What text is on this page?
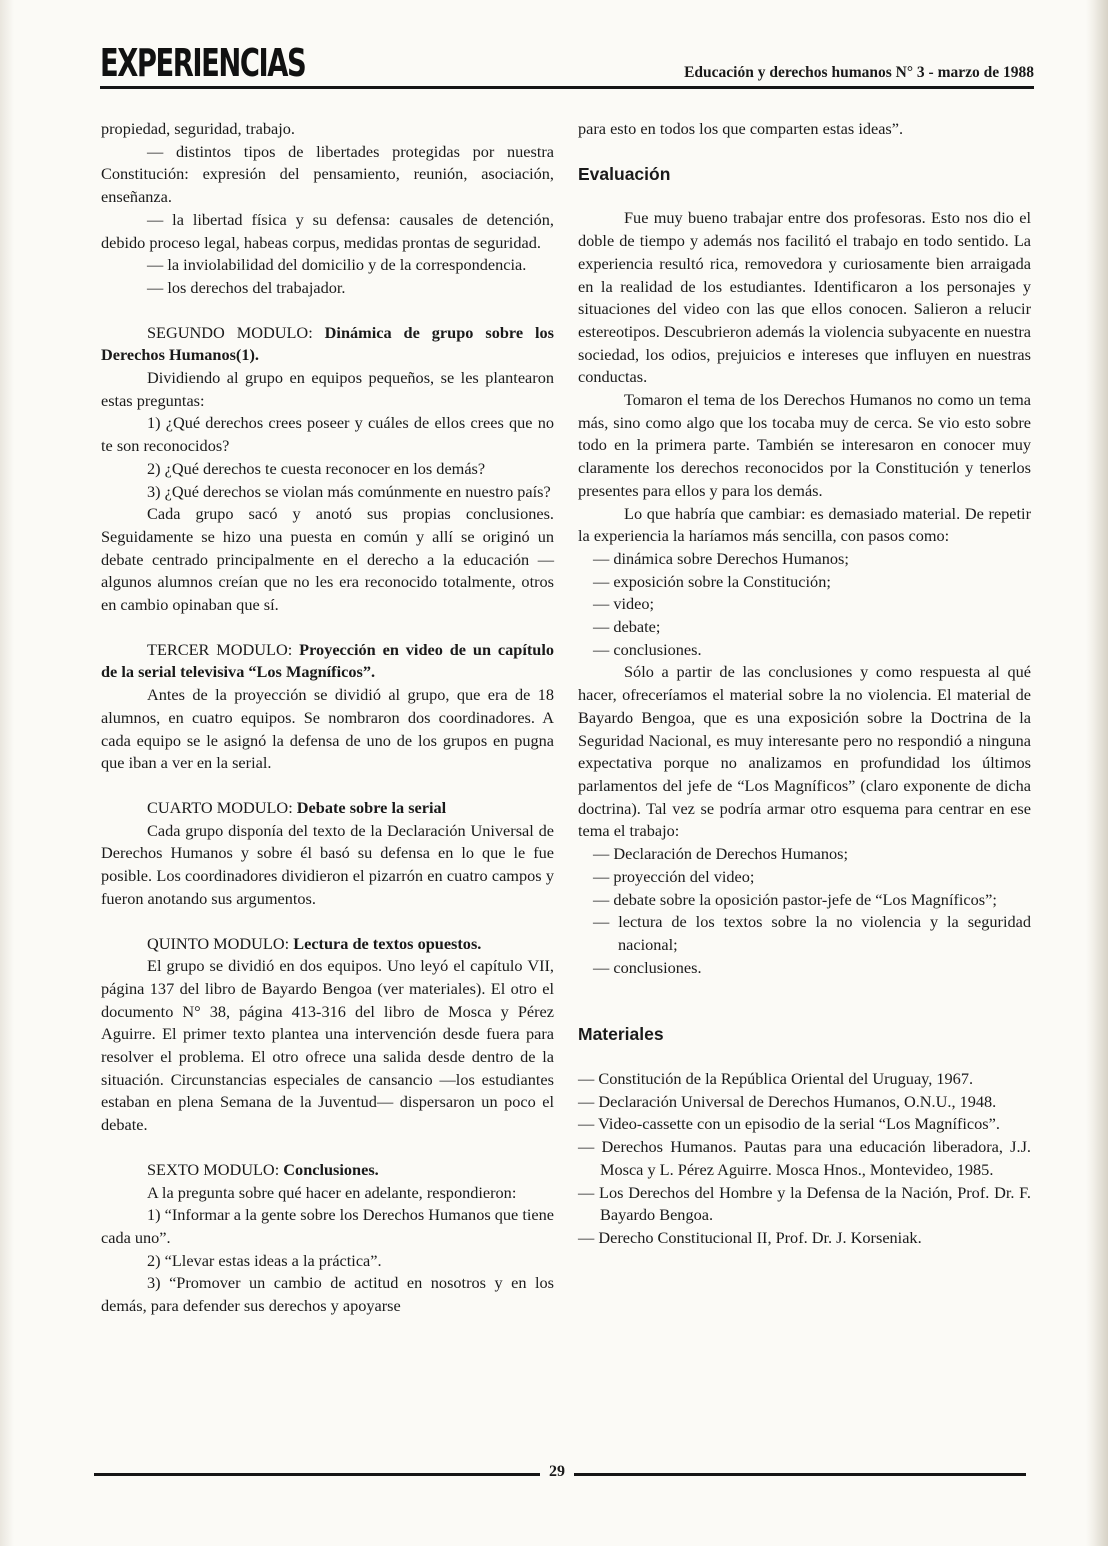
EXPERIENCIAS	Educación y derechos humanos N° 3 - marzo de 1988

propiedad, seguridad, trabajo.

— distintos tipos de libertades protegidas por nuestra Constitución: expresión del pensamiento, reunión, asociación, enseñanza.

— la libertad física y su defensa: causales de detención, debido proceso legal, habeas corpus, medidas prontas de seguridad.

— la inviolabilidad del domicilio y de la correspondencia.

— los derechos del trabajador.

SEGUNDO MODULO: Dinámica de grupo sobre los Derechos Humanos(1).

Dividiendo al grupo en equipos pequeños, se les plantearon estas preguntas:

1) ¿Qué derechos crees poseer y cuáles de ellos crees que no te son reconocidos?

2) ¿Qué derechos te cuesta reconocer en los demás?

3) ¿Qué derechos se violan más comúnmente en nuestro país?

Cada grupo sacó y anotó sus propias conclusiones. Seguidamente se hizo una puesta en común y allí se originó un debate centrado principalmente en el derecho a la educación —algunos alumnos creían que no les era reconocido totalmente, otros en cambio opinaban que sí.

TERCER MODULO: Proyección en video de un capítulo de la serial televisiva “Los Magníficos”.

Antes de la proyección se dividió al grupo, que era de 18 alumnos, en cuatro equipos. Se nombraron dos coordinadores. A cada equipo se le asignó la defensa de uno de los grupos en pugna que iban a ver en la serial.

CUARTO MODULO: Debate sobre la serial

Cada grupo disponía del texto de la Declaración Universal de Derechos Humanos y sobre él basó su defensa en lo que le fue posible. Los coordinadores dividieron el pizarrón en cuatro campos y fueron anotando sus argumentos.

QUINTO MODULO: Lectura de textos opuestos.

El grupo se dividió en dos equipos. Uno leyó el capítulo VII, página 137 del libro de Bayardo Bengoa (ver materiales). El otro el documento N° 38, página 413-316 del libro de Mosca y Pérez Aguirre. El primer texto plantea una intervención desde fuera para resolver el problema. El otro ofrece una salida desde dentro de la situación. Circunstancias especiales de cansancio —los estudiantes estaban en plena Semana de la Juventud— dispersaron un poco el debate.

SEXTO MODULO: Conclusiones.

A la pregunta sobre qué hacer en adelante, respondieron:

1) “Informar a la gente sobre los Derechos Humanos que tiene cada uno”.

2) “Llevar estas ideas a la práctica”.

3) “Promover un cambio de actitud en nosotros y en los demás, para defender sus derechos y apoyarse

para esto en todos los que comparten estas ideas”.

Evaluación

Fue muy bueno trabajar entre dos profesoras. Esto nos dio el doble de tiempo y además nos facilitó el trabajo en todo sentido. La experiencia resultó rica, removedora y curiosamente bien arraigada en la realidad de los estudiantes. Identificaron a los personajes y situaciones del video con las que ellos conocen. Salieron a relucir estereotipos. Descubrieron además la violencia subyacente en nuestra sociedad, los odios, prejuicios e intereses que influyen en nuestras conductas.

Tomaron el tema de los Derechos Humanos no como un tema más, sino como algo que los tocaba muy de cerca. Se vio esto sobre todo en la primera parte. También se interesaron en conocer muy claramente los derechos reconocidos por la Constitución y tenerlos presentes para ellos y para los demás.

Lo que habría que cambiar: es demasiado material. De repetir la experiencia la haríamos más sencilla, con pasos como:

— dinámica sobre Derechos Humanos;

— exposición sobre la Constitución;

— video;

— debate;

— conclusiones.

Sólo a partir de las conclusiones y como respuesta al qué hacer, ofreceríamos el material sobre la no violencia. El material de Bayardo Bengoa, que es una exposición sobre la Doctrina de la Seguridad Nacional, es muy interesante pero no respondió a ninguna expectativa porque no analizamos en profundidad los últimos parlamentos del jefe de “Los Magníficos” (claro exponente de dicha doctrina). Tal vez se podría armar otro esquema para centrar en ese tema el trabajo:

— Declaración de Derechos Humanos;

— proyección del video;

— debate sobre la oposición pastor-jefe de “Los Magníficos”;

— lectura de los textos sobre la no violencia y la seguridad nacional;

— conclusiones.

Materiales

— Constitución de la República Oriental del Uruguay, 1967.

— Declaración Universal de Derechos Humanos, O.N.U., 1948.

— Video-cassette con un episodio de la serial “Los Magníficos”.

— Derechos Humanos. Pautas para una educación liberadora, J.J. Mosca y L. Pérez Aguirre. Mosca Hnos., Montevideo, 1985.

— Los Derechos del Hombre y la Defensa de la Nación, Prof. Dr. F. Bayardo Bengoa.

— Derecho Constitucional II, Prof. Dr. J. Korseniak.

29
